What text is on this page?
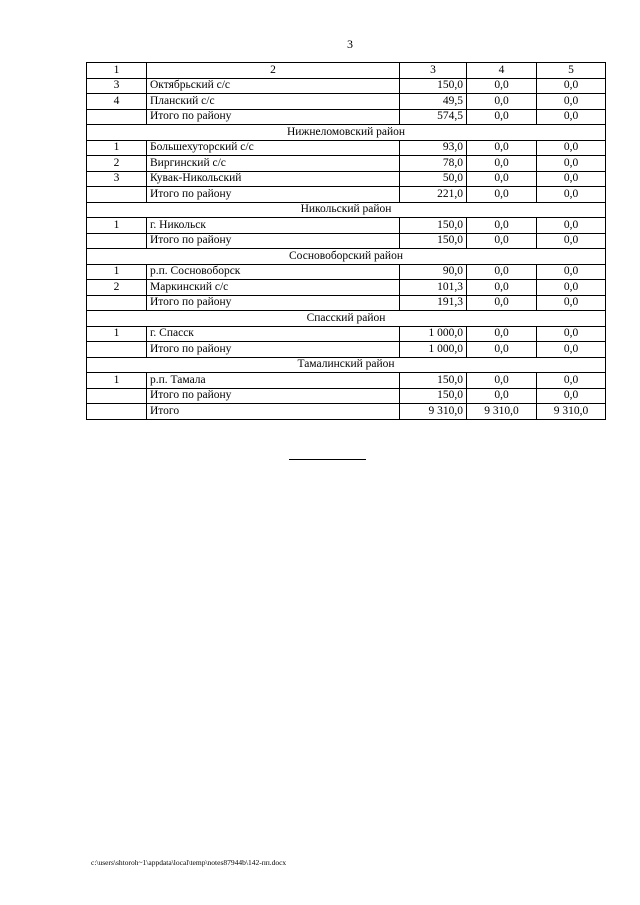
3
1	2	3	4	5
3	Октябрьский с/с	150,0	0,0	0,0
4	Планский с/с	49,5	0,0	0,0
	Итого по району	574,5	0,0	0,0
Нижнеломовский район				
1	Большехуторский с/с	93,0	0,0	0,0
2	Виргинский с/с	78,0	0,0	0,0
3	Кувак-Никольский	50,0	0,0	0,0
	Итого по району	221,0	0,0	0,0
Никольский район				
1	г. Никольск	150,0	0,0	0,0
	Итого по району	150,0	0,0	0,0
Сосновоборский район				
1	р.п. Сосновоборск	90,0	0,0	0,0
2	Маркинский с/с	101,3	0,0	0,0
	Итого по району	191,3	0,0	0,0
Спасский район				
1	г. Спасск	1 000,0	0,0	0,0
	Итого по району	1 000,0	0,0	0,0
Тамалинский район				
1	р.п. Тамала	150,0	0,0	0,0
	Итого по району	150,0	0,0	0,0
	Итого	9 310,0	9 310,0	9 310,0
c:\users\shtoroh~1\appdata\local\temp\notes87944b\142-пп.docx
